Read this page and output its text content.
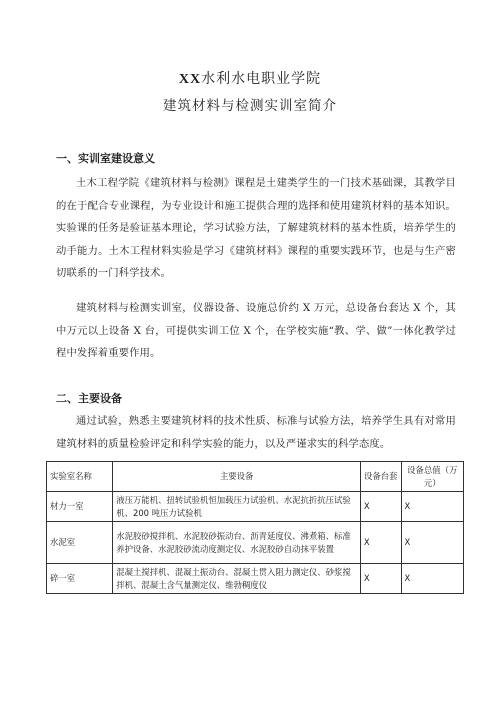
XX水利水电职业学院
建筑材料与检测实训室简介
一、实训室建设意义
土木工程学院《建筑材料与检测》课程是土建类学生的一门技术基础课，其教学目的在于配合专业课程，为专业设计和施工提供合理的选择和使用建筑材料的基本知识。实验课的任务是验证基本理论，学习试验方法，了解建筑材料的基本性质，培养学生的动手能力。土木工程材料实验是学习《建筑材料》课程的重要实践环节，也是与生产密切联系的一门科学技术。
建筑材料与检测实训室，仪器设备、设施总价约 X 万元，总设备台套达 X 个，其中万元以上设备 X 台，可提供实训工位 X 个，在学校实施“教、学、做”一体化教学过程中发挥着重要作用。
二、主要设备
通过试验，熟悉主要建筑材料的技术性质、标准与试验方法，培养学生具有对常用建筑材料的质量检验评定和科学实验的能力，以及严谨求实的科学态度。
实验室名称	主要设备	设备台套	设备总值（万元）
材力一室	液压万能机、扭转试验机恒加载压力试验机、水泥抗折抗压试验机、200 吨压力试验机	X	X
水泥室	水泥胶砂搅拌机、水泥胶砂振动台、沥青延度仪、沸煮箱、标准养护设备、水泥胶砂流动度测定仪、水泥胶砂自动抹平装置	X	X
碎一室	混凝土搅拌机、混凝土振动台、混凝土贯入阻力测定仪、砂浆搅拌机、混凝土含气量测定仪、维勃稠度仪	X	X
